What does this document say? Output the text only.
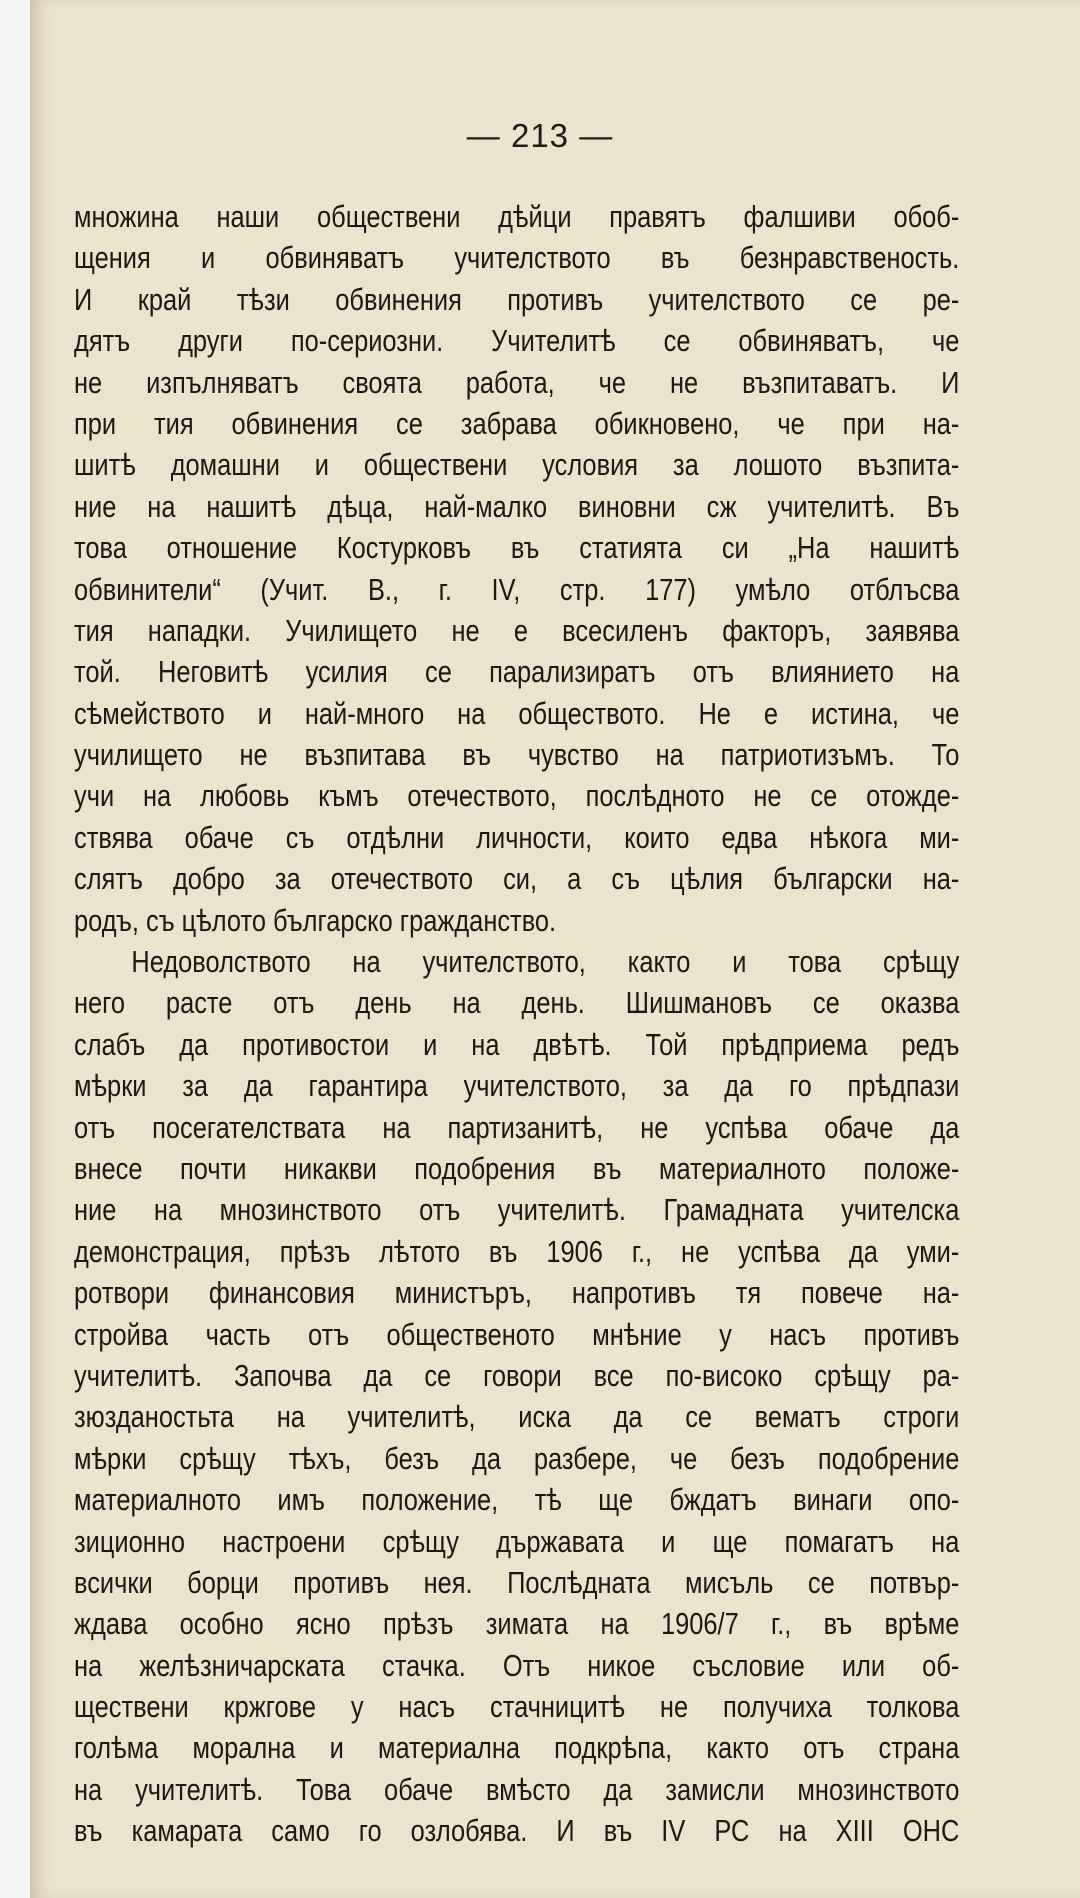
— 213 —
множина наши обществени дѣйци правятъ фалшиви обоб-
щения и обвиняватъ учителството въ безнравственость.
И край тѣзи обвинения противъ учителството се ре-
дятъ други по-сериозни. Учителитѣ се обвиняватъ, че
не изпълняватъ своята работа, че не възпитаватъ. И
при тия обвинения се забрава обикновено, че при на-
шитѣ домашни и обществени условия за лошото възпита-
ние на нашитѣ дѣца, най-малко виновни сж учителитѣ. Въ
това отношение Костурковъ въ статията си „На нашитѣ
обвинители“ (Учит. В., г. IV, стр. 177) умѣло отблъсва
тия нападки. Училището не е всесиленъ факторъ, заявява
той. Неговитѣ усилия се парализиратъ отъ влиянието на
сѣмейството и най-много на обществото. Не е истина, че
училището не възпитава въ чувство на патриотизъмъ. То
учи на любовь къмъ отечеството, послѣдното не се отожде-
ствява обаче съ отдѣлни личности, които едва нѣкога ми-
слятъ добро за отечеството си, а съ цѣлия български на-
родъ, съ цѣлото българско гражданство.
Недоволството на учителството, както и това срѣщу
него расте отъ день на день. Шишмановъ се оказва
слабъ да противостои и на двѣтѣ. Той прѣдприема редъ
мѣрки за да гарантира учителството, за да го прѣдпази
отъ посегателствата на партизанитѣ, не успѣва обаче да
внесе почти никакви подобрения въ материалното положе-
ние на мнозинството отъ учителитѣ. Грамадната учителска
демонстрация, прѣзъ лѣтото въ 1906 г., не успѣва да уми-
ротвори финансовия министъръ, напротивъ тя повече на-
стройва часть отъ общественото мнѣние у насъ противъ
учителитѣ. Започва да се говори все по-високо срѣщу ра-
зюзданостьта на учителитѣ, иска да се вематъ строги
мѣрки срѣщу тѣхъ, безъ да разбере, че безъ подобрение
материалното имъ положение, тѣ ще бждатъ винаги опо-
зиционно настроени срѣщу държавата и ще помагатъ на
всички борци противъ нея. Послѣдната мисъль се потвър-
ждава особно ясно прѣзъ зимата на 1906/7 г., въ врѣме
на желѣзничарската стачка. Отъ никое съсловие или об-
ществени кржгове у насъ стачницитѣ не получиха толкова
голѣма морална и материална подкрѣпа, както отъ страна
на учителитѣ. Това обаче вмѣсто да замисли мнозинството
въ камарата само го озлобява. И въ IV РС на XIII ОНС
